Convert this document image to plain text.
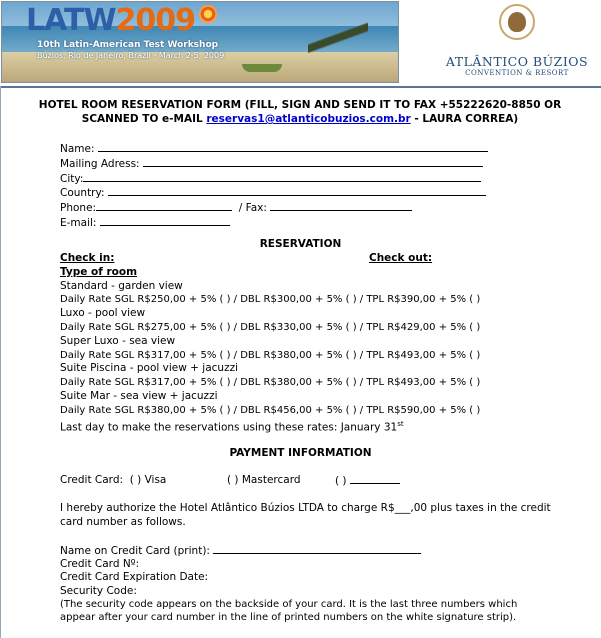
LATW2009
10th Latin-American Test Workshop
Búzios, Rio de Janeiro, Brazil - March 2-5, 2009	ATLÂNTICO BÚZIOS
CONVENTION & RESORT
HOTEL ROOM RESERVATION FORM (FILL, SIGN AND SEND IT TO FAX +55222620-8850 OR
SCANNED TO e-MAIL reservas1@atlanticobuzios.com.br - LAURA CORREA)
Name:
Mailing Adress:
City:
Country:
Phone:	/ Fax:
E-mail:
RESERVATION
Check in:	Check out:
Type of room
Standard - garden view
Daily Rate SGL R$250,00 + 5% ( ) / DBL R$300,00 + 5% ( ) / TPL R$390,00 + 5% ( )
Luxo - pool view
Daily Rate SGL R$275,00 + 5% ( ) / DBL R$330,00 + 5% ( ) / TPL R$429,00 + 5% ( )
Super Luxo - sea view
Daily Rate SGL R$317,00 + 5% ( ) / DBL R$380,00 + 5% ( ) / TPL R$493,00 + 5% ( )
Suite Piscina - pool view + jacuzzi
Daily Rate SGL R$317,00 + 5% ( ) / DBL R$380,00 + 5% ( ) / TPL R$493,00 + 5% ( )
Suite Mar - sea view + jacuzzi
Daily Rate SGL R$380,00 + 5% ( ) / DBL R$456,00 + 5% ( ) / TPL R$590,00 + 5% ( )
Last day to make the reservations using these rates: January 31st
PAYMENT INFORMATION
Credit Card: ( ) Visa	( ) Mastercard	( )
I hereby authorize the Hotel Atlântico Búzios LTDA to charge R$___,00 plus taxes in the credit
card number as follows.
Name on Credit Card (print):
Credit Card Nº:
Credit Card Expiration Date:
Security Code:
(The security code appears on the backside of your card. It is the last three numbers which
appear after your card number in the line of printed numbers on the white signature strip).
